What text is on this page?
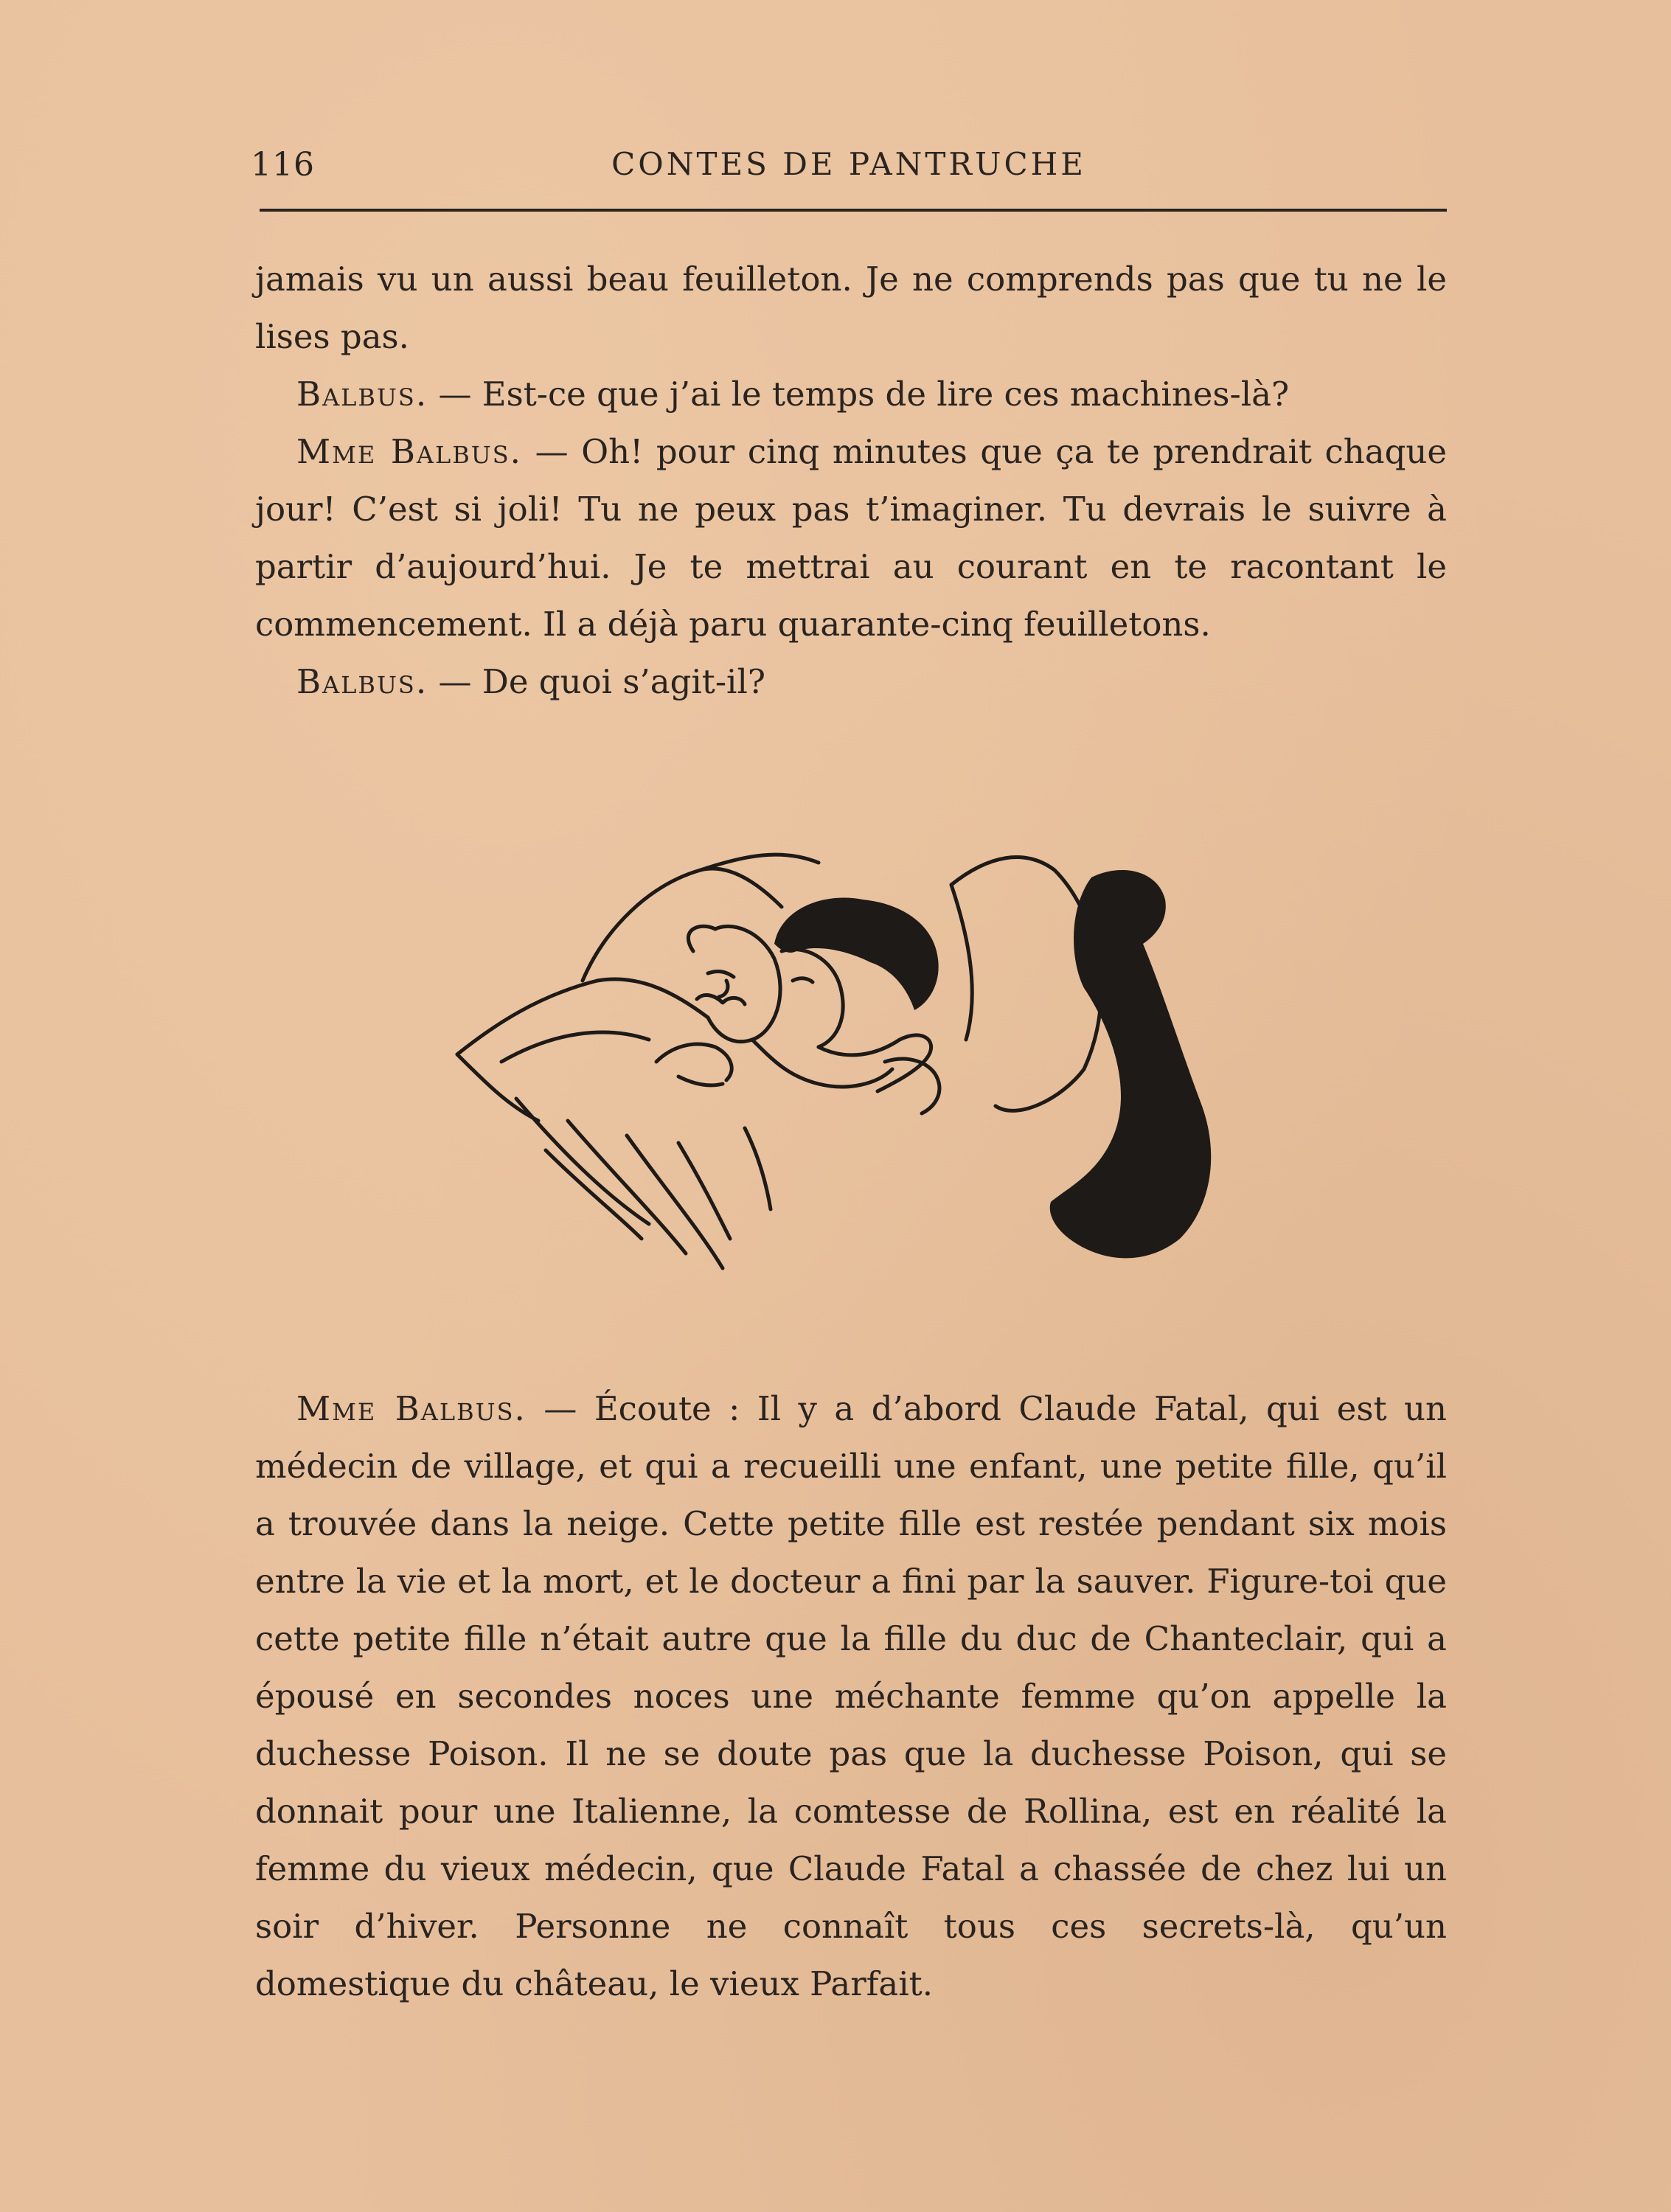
116	CONTES DE PANTRUCHE

jamais vu un aussi beau feuilleton. Je ne comprends pas que tu ne le lises pas.

Balbus. — Est-ce que j’ai le temps de lire ces machines-là?

Mme Balbus. — Oh! pour cinq minutes que ça te prendrait chaque jour! C’est si joli! Tu ne peux pas t’imaginer. Tu devrais le suivre à partir d’aujourd’hui. Je te mettrai au courant en te racontant le commencement. Il a déjà paru quarante-cinq feuilletons.

Balbus. — De quoi s’agit-il?

Mme Balbus. — Écoute : Il y a d’abord Claude Fatal, qui est un médecin de village, et qui a recueilli une enfant, une petite fille, qu’il a trouvée dans la neige. Cette petite fille est restée pendant six mois entre la vie et la mort, et le docteur a fini par la sauver. Figure-toi que cette petite fille n’était autre que la fille du duc de Chanteclair, qui a épousé en secondes noces une méchante femme qu’on appelle la duchesse Poison. Il ne se doute pas que la duchesse Poison, qui se donnait pour une Italienne, la comtesse de Rollina, est en réalité la femme du vieux médecin, que Claude Fatal a chassée de chez lui un soir d’hiver. Personne ne connaît tous ces secrets-là, qu’un domestique du château, le vieux Parfait.
